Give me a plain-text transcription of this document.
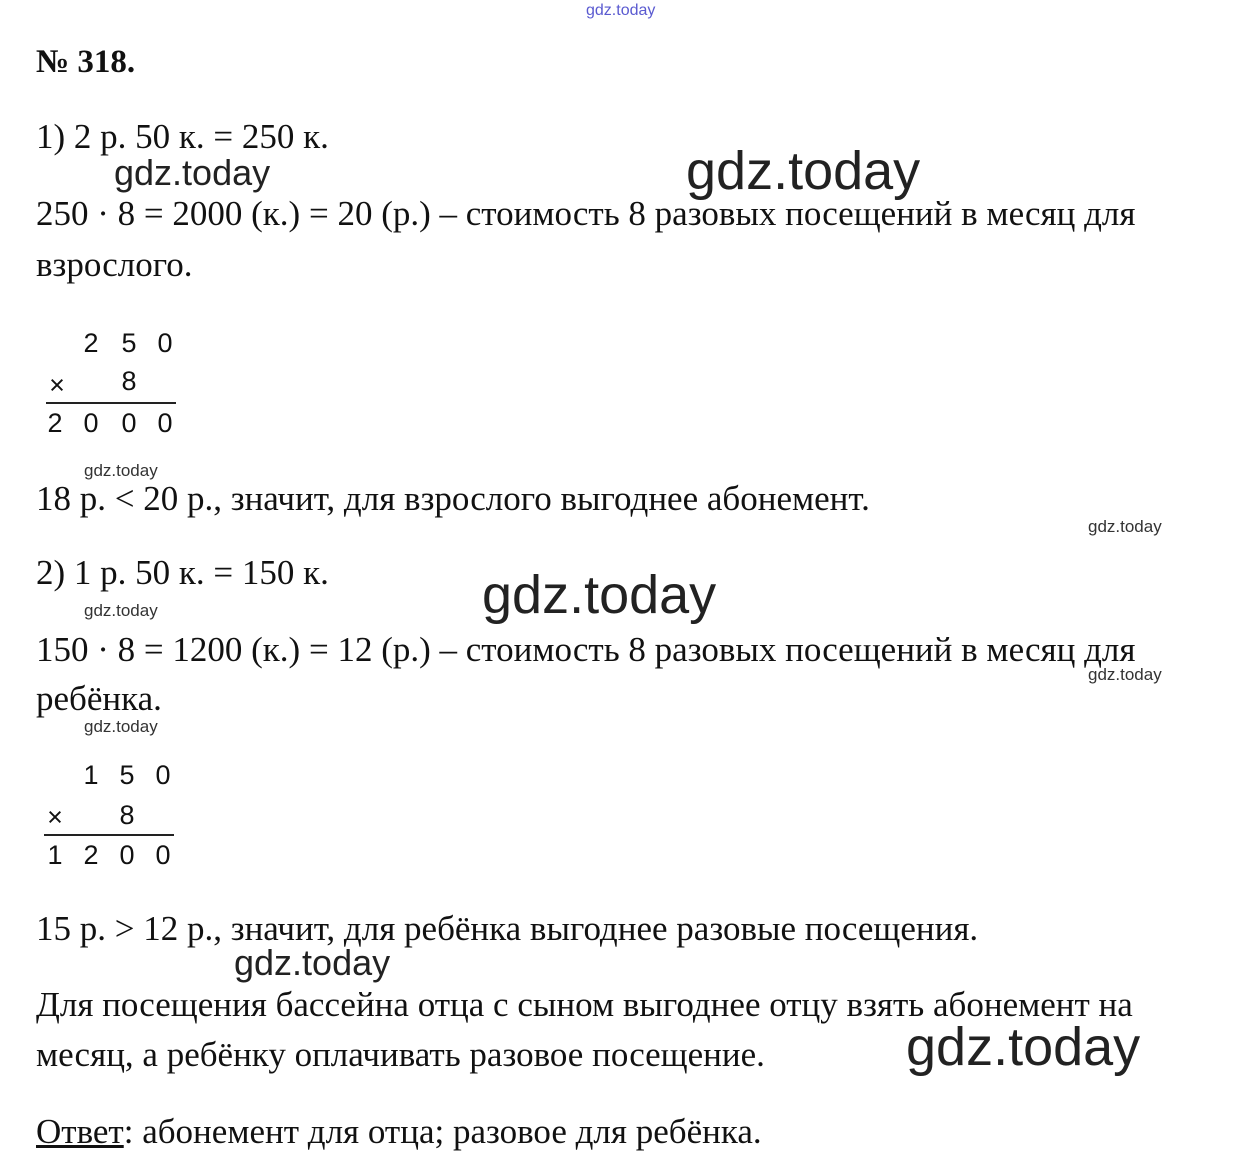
gdz.today
№ 318.
1) 2 р. 50 к. = 250 к.
gdz.today	gdz.today
250 · 8 = 2000 (к.) = 20 (р.) – стоимость 8 разовых посещений в месяц для
взрослого.
2 5 0
×	8
2 0 0 0
gdz.today
18 р. < 20 р., значит, для взрослого выгоднее абонемент.
gdz.today
2) 1 р. 50 к. = 150 к.	gdz.today
gdz.today
150 · 8 = 1200 (к.) = 12 (р.) – стоимость 8 разовых посещений в месяц для
gdz.today
ребёнка.
gdz.today
1 5 0
×	8
1 2 0 0
15 р. > 12 р., значит, для ребёнка выгоднее разовые посещения.
gdz.today
Для посещения бассейна отца с сыном выгоднее отцу взять абонемент на
месяц, а ребёнку оплачивать разовое посещение.	gdz.today
Ответ: абонемент для отца; разовое для ребёнка.
